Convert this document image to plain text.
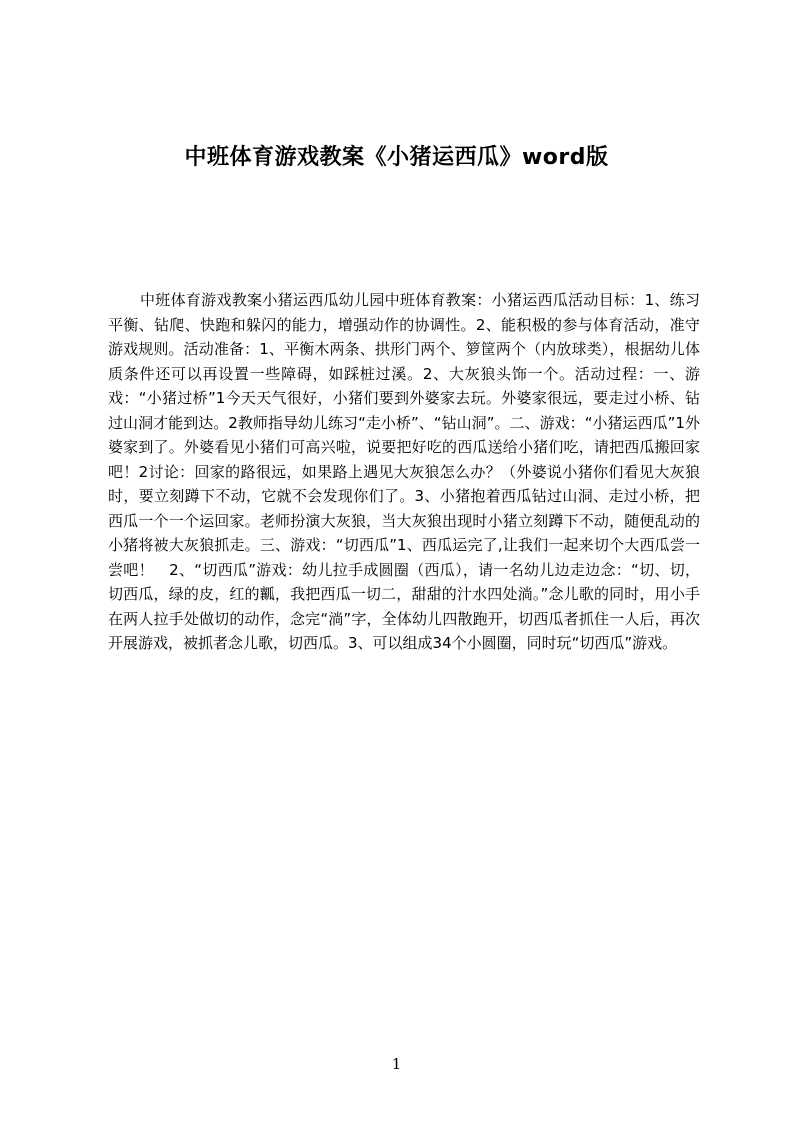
中班体育游戏教案《小猪运西瓜》word版
中班体育游戏教案小猪运西瓜幼儿园中班体育教案：小猪运西瓜活动目标：1、练习平衡、钻爬、快跑和躲闪的能力，增强动作的协调性。2、能积极的参与体育活动，准守游戏规则。活动准备：1、平衡木两条、拱形门两个、箩筐两个（内放球类），根据幼儿体质条件还可以再设置一些障碍，如踩桩过溪。2、大灰狼头饰一个。活动过程：一、游戏：“小猪过桥”1今天天气很好，小猪们要到外婆家去玩。外婆家很远，要走过小桥、钻过山洞才能到达。2教师指导幼儿练习“走小桥”、“钻山洞”。二、游戏：“小猪运西瓜”1外婆家到了。外婆看见小猪们可高兴啦，说要把好吃的西瓜送给小猪们吃，请把西瓜搬回家吧！2讨论：回家的路很远，如果路上遇见大灰狼怎么办？（外婆说小猪你们看见大灰狼时，要立刻蹲下不动，它就不会发现你们了。3、小猪抱着西瓜钻过山洞、走过小桥，把西瓜一个一个运回家。老师扮演大灰狼，当大灰狼出现时小猪立刻蹲下不动，随便乱动的小猪将被大灰狼抓走。三、游戏：“切西瓜”1、西瓜运完了,让我们一起来切个大西瓜尝一尝吧！　2、“切西瓜”游戏：幼儿拉手成圆圈（西瓜），请一名幼儿边走边念：“切、切，切西瓜，绿的皮，红的瓤，我把西瓜一切二，甜甜的汁水四处淌。”念儿歌的同时，用小手在两人拉手处做切的动作，念完“淌”字，全体幼儿四散跑开，切西瓜者抓住一人后，再次开展游戏，被抓者念儿歌，切西瓜。3、可以组成34个小圆圈，同时玩“切西瓜”游戏。
1
